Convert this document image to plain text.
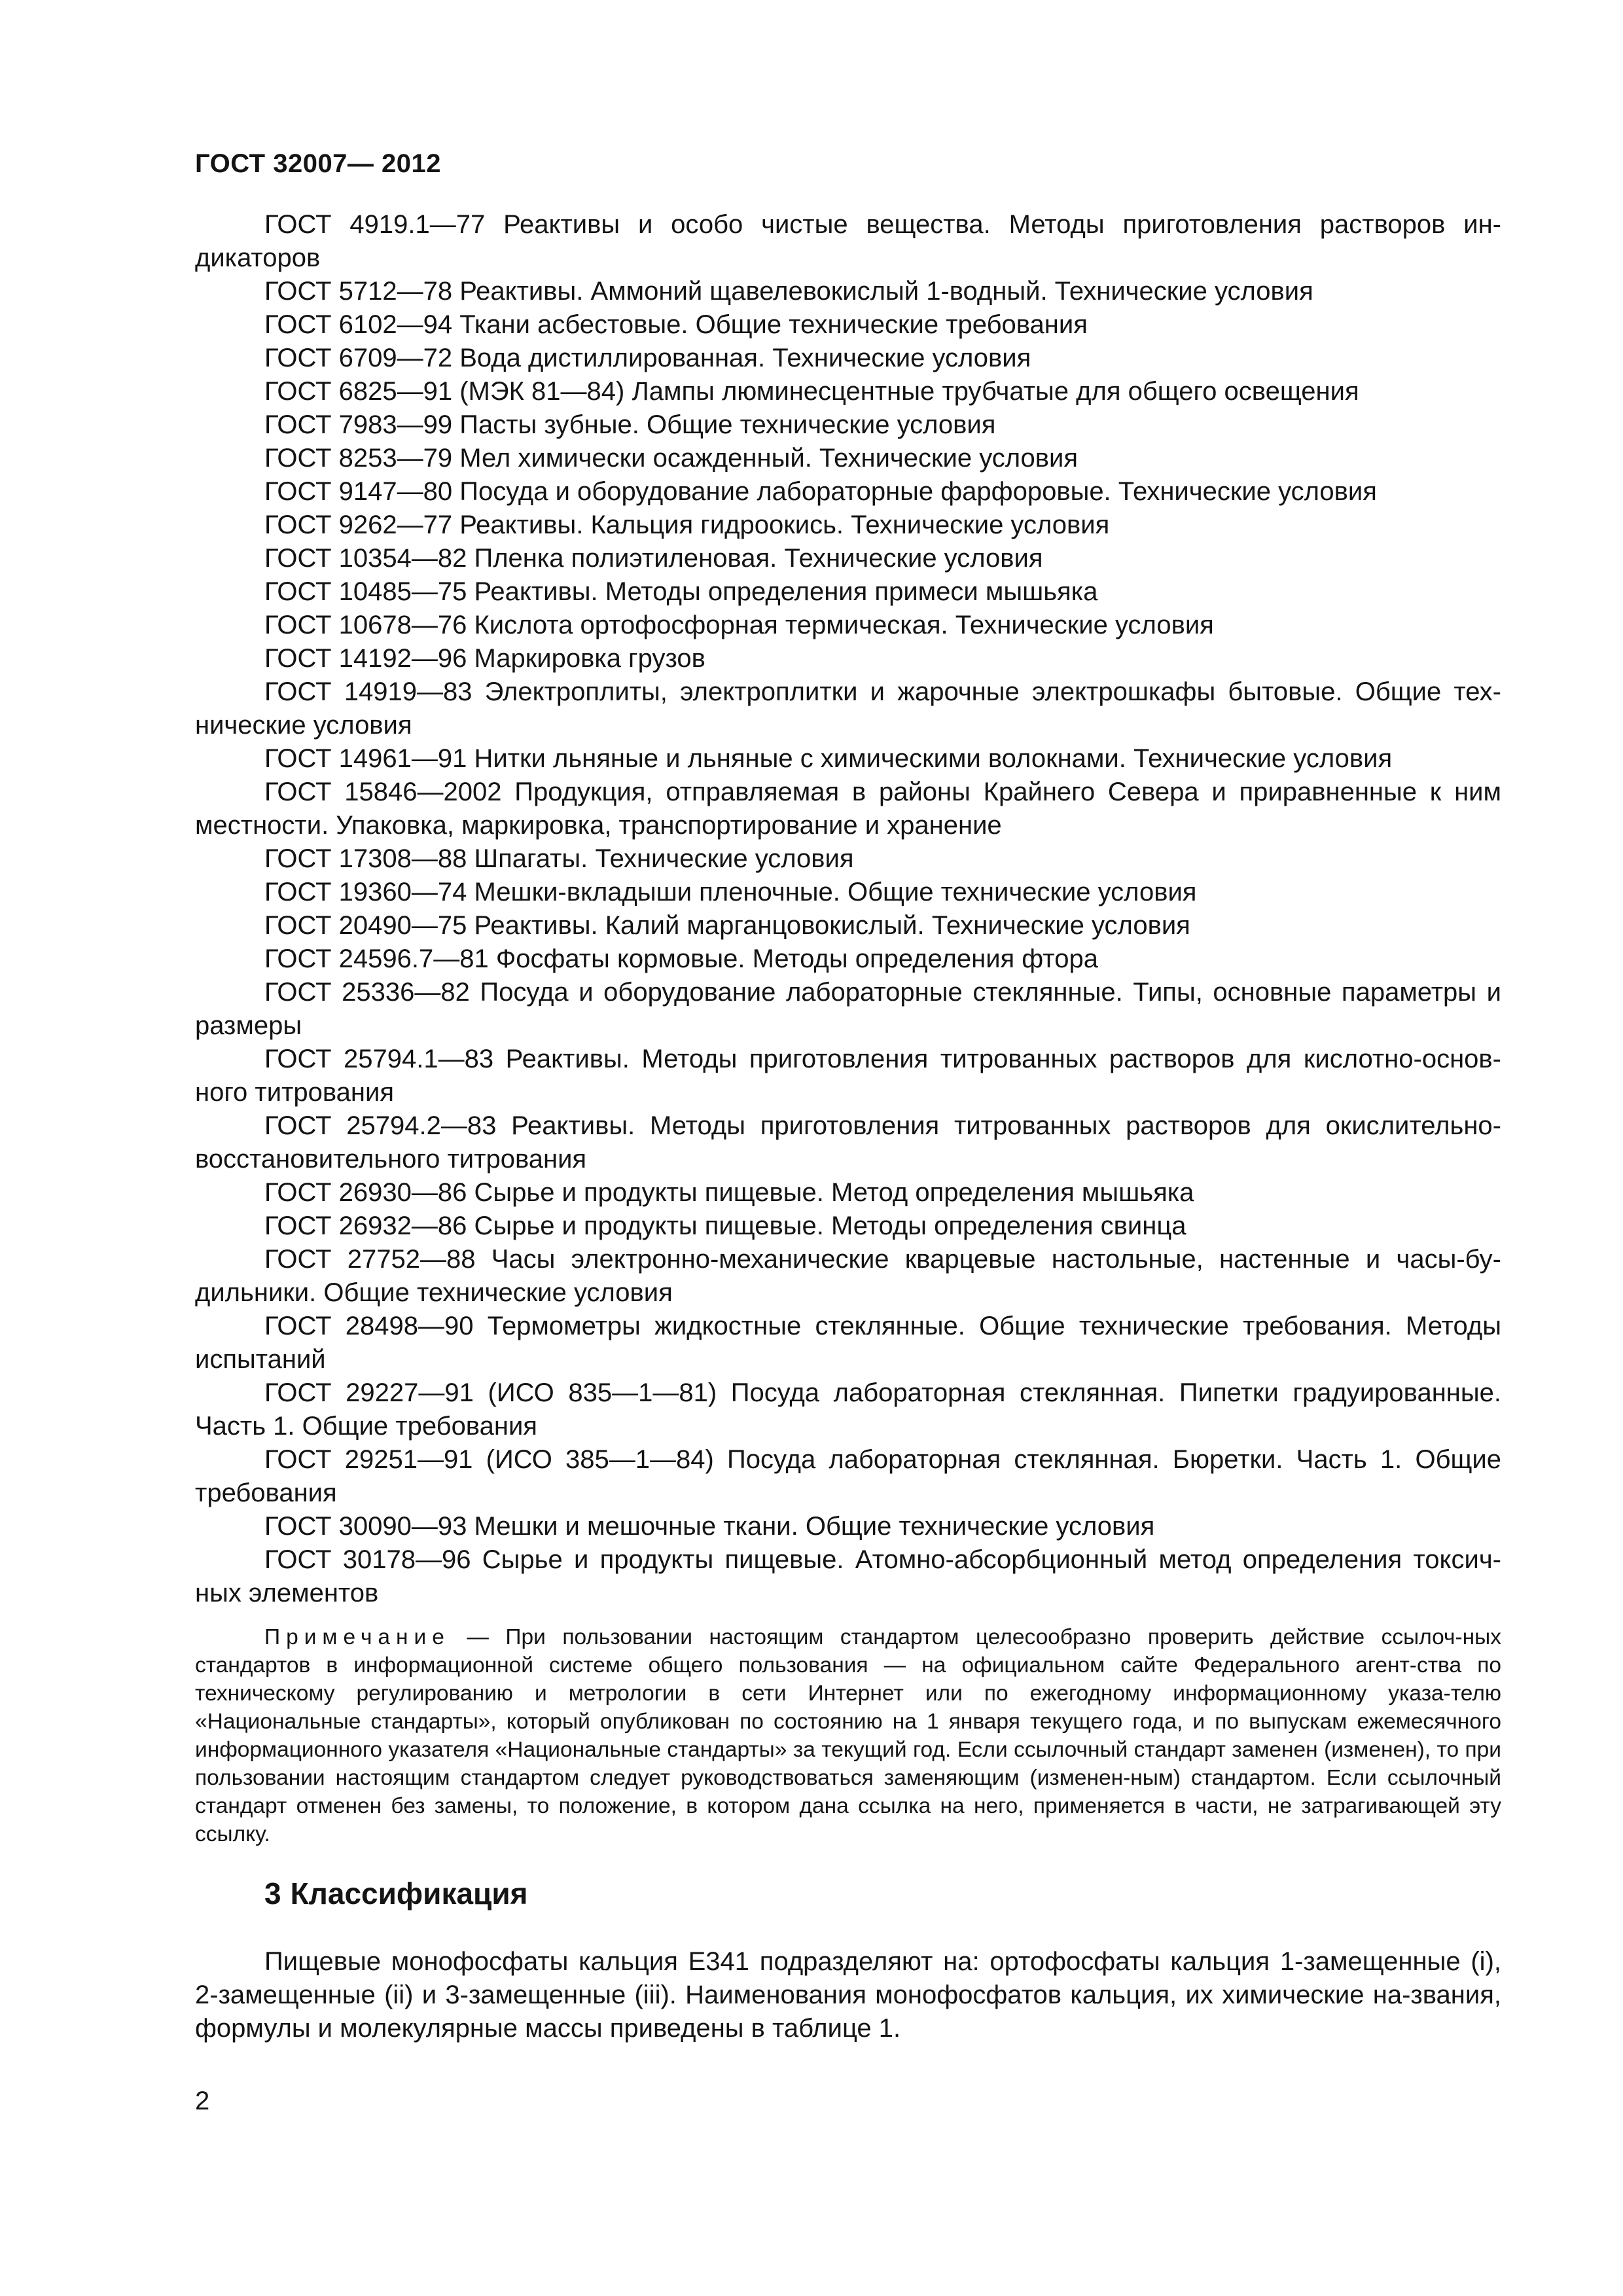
ГОСТ 32007— 2012

ГОСТ 4919.1—77 Реактивы и особо чистые вещества. Методы приготовления растворов ин-дикаторов

ГОСТ 5712—78 Реактивы. Аммоний щавелевокислый 1-водный. Технические условия

ГОСТ 6102—94 Ткани асбестовые. Общие технические требования

ГОСТ 6709—72 Вода дистиллированная. Технические условия

ГОСТ 6825—91 (МЭК 81—84) Лампы люминесцентные трубчатые для общего освещения

ГОСТ 7983—99 Пасты зубные. Общие технические условия

ГОСТ 8253—79 Мел химически осажденный. Технические условия

ГОСТ 9147—80 Посуда и оборудование лабораторные фарфоровые. Технические условия

ГОСТ 9262—77 Реактивы. Кальция гидроокись. Технические условия

ГОСТ 10354—82 Пленка полиэтиленовая. Технические условия

ГОСТ 10485—75 Реактивы. Методы определения примеси мышьяка

ГОСТ 10678—76 Кислота ортофосфорная термическая. Технические условия

ГОСТ 14192—96 Маркировка грузов

ГОСТ 14919—83 Электроплиты, электроплитки и жарочные электрошкафы бытовые. Общие тех-нические условия

ГОСТ 14961—91 Нитки льняные и льняные с химическими волокнами. Технические условия

ГОСТ 15846—2002 Продукция, отправляемая в районы Крайнего Севера и приравненные к ним местности. Упаковка, маркировка, транспортирование и хранение

ГОСТ 17308—88 Шпагаты. Технические условия

ГОСТ 19360—74 Мешки-вкладыши пленочные. Общие технические условия

ГОСТ 20490—75 Реактивы. Калий марганцовокислый. Технические условия

ГОСТ 24596.7—81 Фосфаты кормовые. Методы определения фтора

ГОСТ 25336—82 Посуда и оборудование лабораторные стеклянные. Типы, основные параметры и размеры

ГОСТ 25794.1—83 Реактивы. Методы приготовления титрованных растворов для кислотно-основ-ного титрования

ГОСТ 25794.2—83 Реактивы. Методы приготовления титрованных растворов для окислительно-восстановительного титрования

ГОСТ 26930—86 Сырье и продукты пищевые. Метод определения мышьяка

ГОСТ 26932—86 Сырье и продукты пищевые. Методы определения свинца

ГОСТ 27752—88 Часы электронно-механические кварцевые настольные, настенные и часы-бу-дильники. Общие технические условия

ГОСТ 28498—90 Термометры жидкостные стеклянные. Общие технические требования. Методы испытаний

ГОСТ 29227—91 (ИСО 835—1—81) Посуда лабораторная стеклянная. Пипетки градуированные. Часть 1. Общие требования

ГОСТ 29251—91 (ИСО 385—1—84) Посуда лабораторная стеклянная. Бюретки. Часть 1. Общие требования

ГОСТ 30090—93 Мешки и мешочные ткани. Общие технические условия

ГОСТ 30178—96 Сырье и продукты пищевые. Атомно-абсорбционный метод определения токсич-ных элементов

Примечание — При пользовании настоящим стандартом целесообразно проверить действие ссылоч-ных стандартов в информационной системе общего пользования — на официальном сайте Федерального агент-ства по техническому регулированию и метрологии в сети Интернет или по ежегодному информационному указа-телю «Национальные стандарты», который опубликован по состоянию на 1 января текущего года, и по выпускам ежемесячного информационного указателя «Национальные стандарты» за текущий год. Если ссылочный стандарт заменен (изменен), то при пользовании настоящим стандартом следует руководствоваться заменяющим (изменен-ным) стандартом. Если ссылочный стандарт отменен без замены, то положение, в котором дана ссылка на него, применяется в части, не затрагивающей эту ссылку.

3 Классификация

Пищевые монофосфаты кальция Е341 подразделяют на: ортофосфаты кальция 1-замещенные (i), 2-замещенные (ii) и 3-замещенные (iii). Наименования монофосфатов кальция, их химические на-звания, формулы и молекулярные массы приведены в таблице 1.

2
